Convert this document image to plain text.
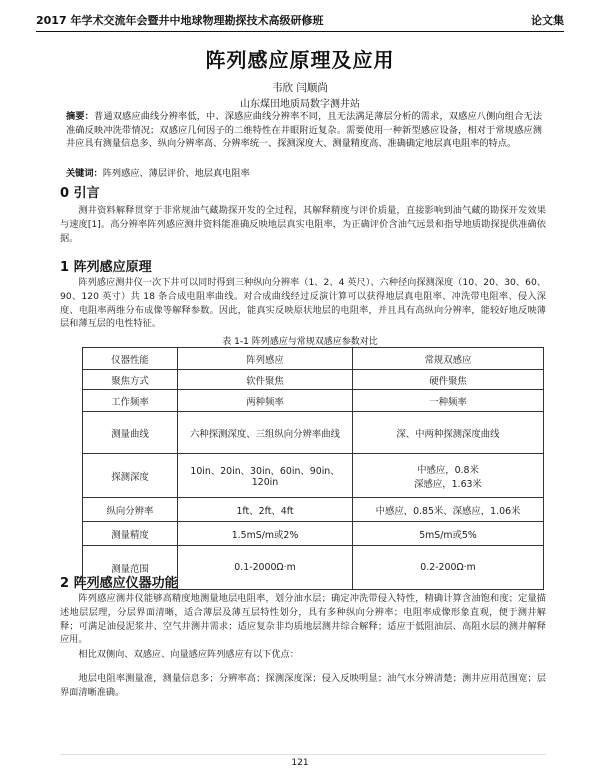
2017 年学术交流年会暨井中地球物理勘探技术高级研修班	论文集
阵列感应原理及应用
韦欣 闫顺尚
山东煤田地质局数字测井站
摘要：普通双感应曲线分辨率低，中、深感应曲线分辨率不同，且无法满足薄层分析的需求，双感应八侧向组合无法准确反映冲洗带情况；双感应几何因子的二维特性在井眼附近复杂。需要使用一种新型感应设备，相对于常规感应测井应具有测量信息多、纵向分辨率高、分辨率统一、探测深度大、测量精度高、准确确定地层真电阻率的特点。
关键词：阵列感应、薄层评价、地层真电阻率
0 引言
测井资料解释贯穿于非常规油气藏勘探开发的全过程，其解释精度与评价质量，直接影响到油气藏的勘探开发效果与速度[1]。高分辨率阵列感应测井资料能准确反映地层真实电阻率，为正确评价含油气远景和指导地质勘探提供准确依据。
1 阵列感应原理
阵列感应测井仪一次下井可以同时得到三种纵向分辨率（1、2、4 英尺）、六种径向探测深度（10、20、30、60、90、120 英寸）共 18 条合成电阻率曲线。对合成曲线经过反演计算可以获得地层真电阻率、冲洗带电阻率、侵入深度、电阻率两维分布成像等解释参数。因此，能真实反映原状地层的电阻率，并且具有高纵向分辨率，能较好地反映薄层和薄互层的电性特征。
表 1-1 阵列感应与常规双感应参数对比
仪器性能	阵列感应	常规双感应
聚焦方式	软件聚焦	硬件聚焦
工作频率	两种频率	一种频率
测量曲线	六种探测深度、三组纵向分辨率曲线	深、中两种探测深度曲线
探测深度	10in、20in、30in、60in、90in、120in	中感应，0.8米
深感应，1.63米
纵向分辨率	1ft、2ft、4ft	中感应，0.85米、深感应，1.06米
测量精度	1.5mS/m或2%	5mS/m或5%
测量范围	0.1-2000Ω·m	0.2-200Ω·m
2 阵列感应仪器功能
阵列感应测井仪能够高精度地测量地层电阻率，划分油水层；确定冲洗带侵入特性，精确计算含油饱和度；定量描述地层层理，分层界面清晰，适合薄层及薄互层特性划分，具有多种纵向分辨率；电阻率成像形象直观，便于测井解释；可满足油侵泥浆井、空气井测井需求；适应复杂非均质地层测井综合解释；适应于低阻油层、高阻水层的测井解释应用。
相比双侧向、双感应、向量感应阵列感应有以下优点：
地层电阻率测量准，测量信息多；分辨率高；探测深度深；侵入反映明显；油气水分辨清楚；测井应用范围宽；层界面清晰准确。
121
